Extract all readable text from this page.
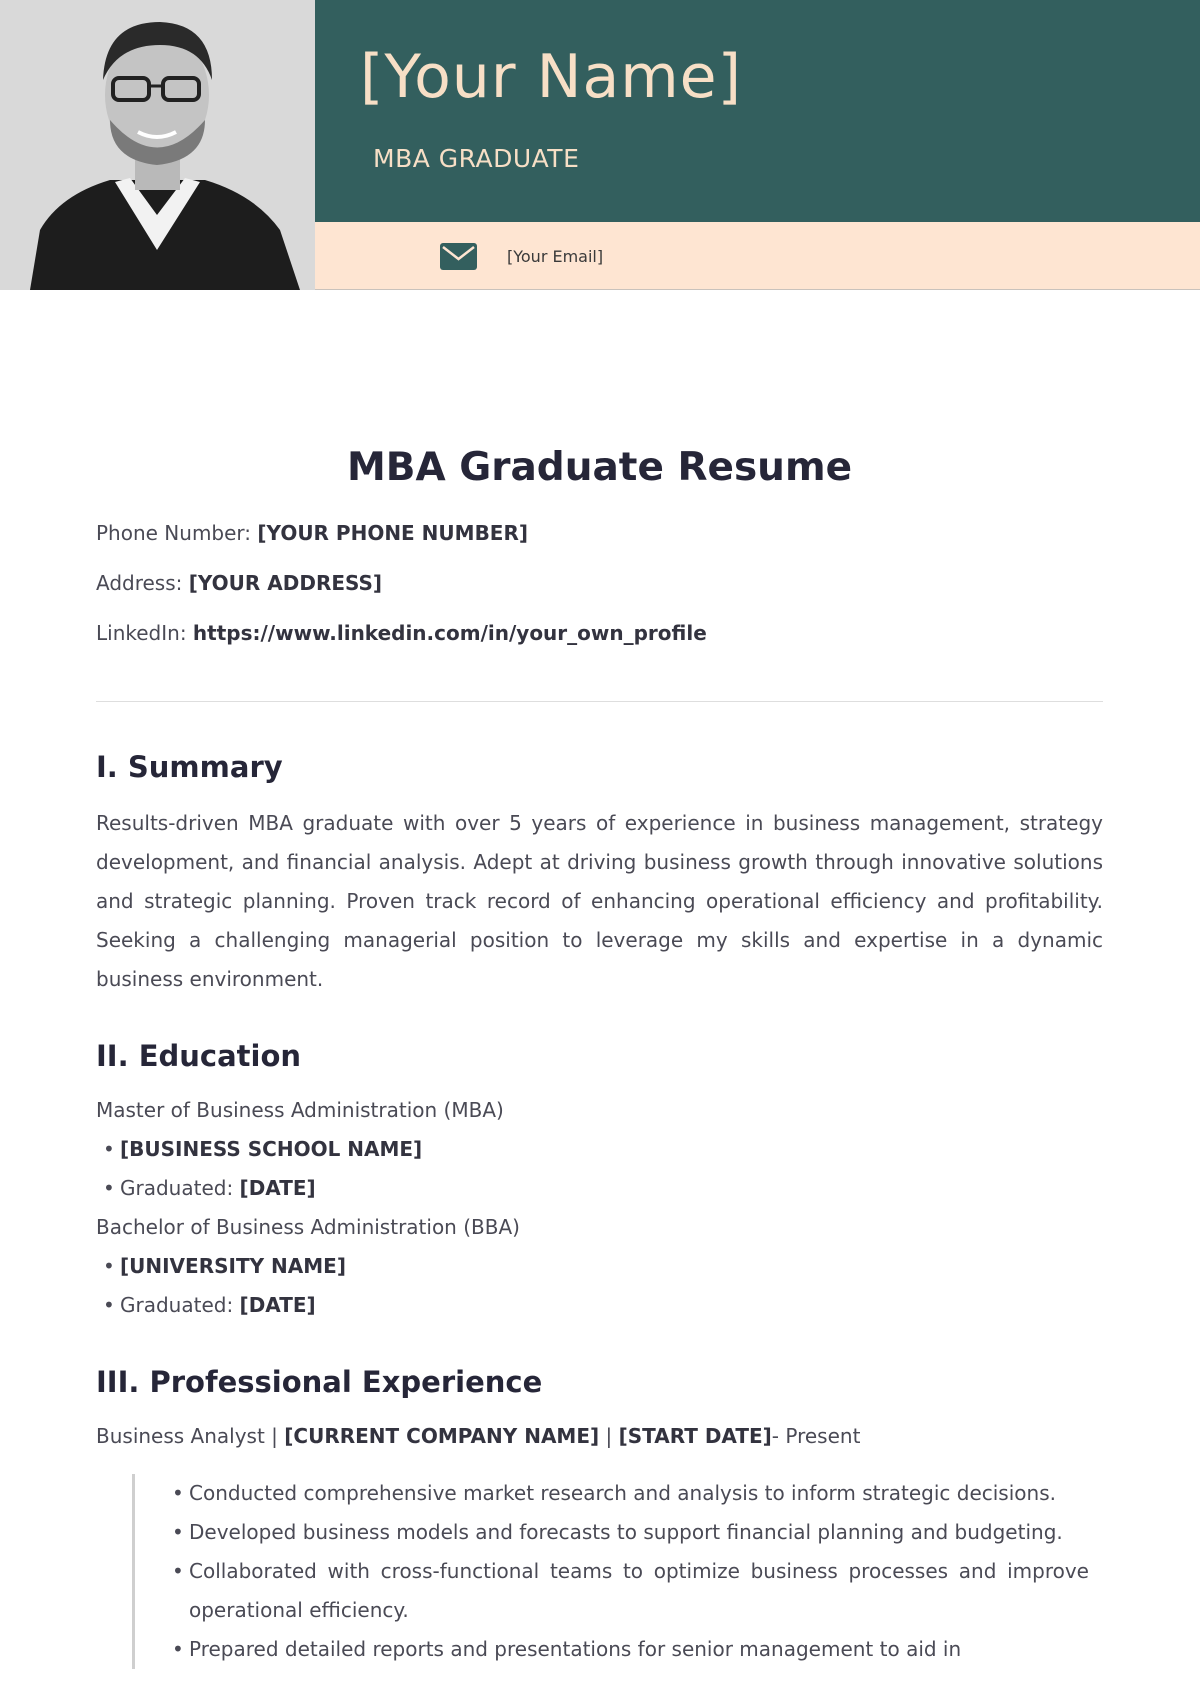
[Your Name]
MBA GRADUATE
[Your Email]
MBA Graduate Resume
Phone Number: [YOUR PHONE NUMBER]
Address: [YOUR ADDRESS]
LinkedIn: https://www.linkedin.com/in/your_own_profile
I. Summary

Results-driven MBA graduate with over 5 years of experience in business management, strategy development, and financial analysis. Adept at driving business growth through innovative solutions and strategic planning. Proven track record of enhancing operational efficiency and profitability. Seeking a challenging managerial position to leverage my skills and expertise in a dynamic business environment.

II. Education
Master of Business Administration (MBA)
• [BUSINESS SCHOOL NAME]
• Graduated: [DATE]
Bachelor of Business Administration (BBA)
• [UNIVERSITY NAME]
• Graduated: [DATE]
III. Professional Experience
Business Analyst | [CURRENT COMPANY NAME] | [START DATE]- Present
• Conducted comprehensive market research and analysis to inform strategic decisions.
• Developed business models and forecasts to support financial planning and budgeting.
• Collaborated with cross-functional teams to optimize business processes and improve operational efficiency.
• Prepared detailed reports and presentations for senior management to aid in
